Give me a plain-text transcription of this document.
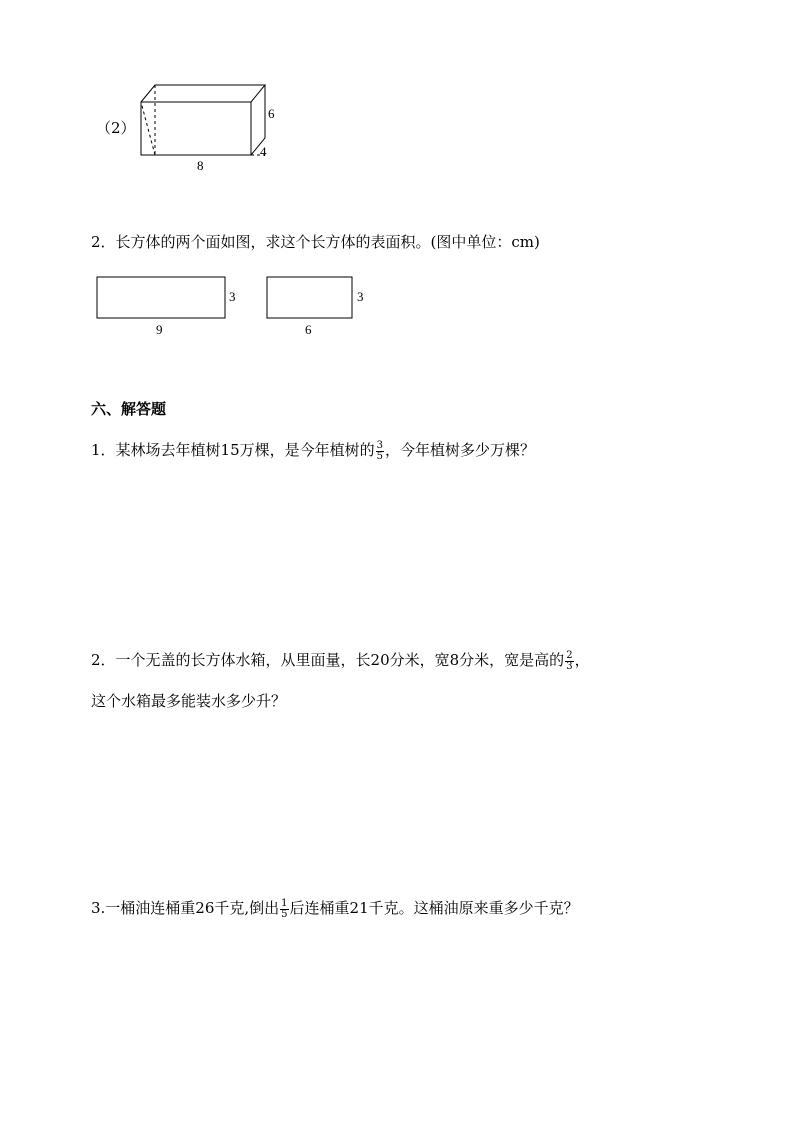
（2）
6
4
8
2．长方体的两个面如图，求这个长方体的表面积。(图中单位：cm)
3
9
3
6
六、解答题
1．某林场去年植树15万棵，是今年植树的 $\frac{3}{5}$ ，今年植树多少万棵？
2．一个无盖的长方体水箱，从里面量，长20分米，宽8分米，宽是高的 $\frac{2}{3}$ ，
这个水箱最多能装水多少升？
3.一桶油连桶重26千克,倒出 $\frac{1}{5}$ 后连桶重21千克。这桶油原来重多少千克？
